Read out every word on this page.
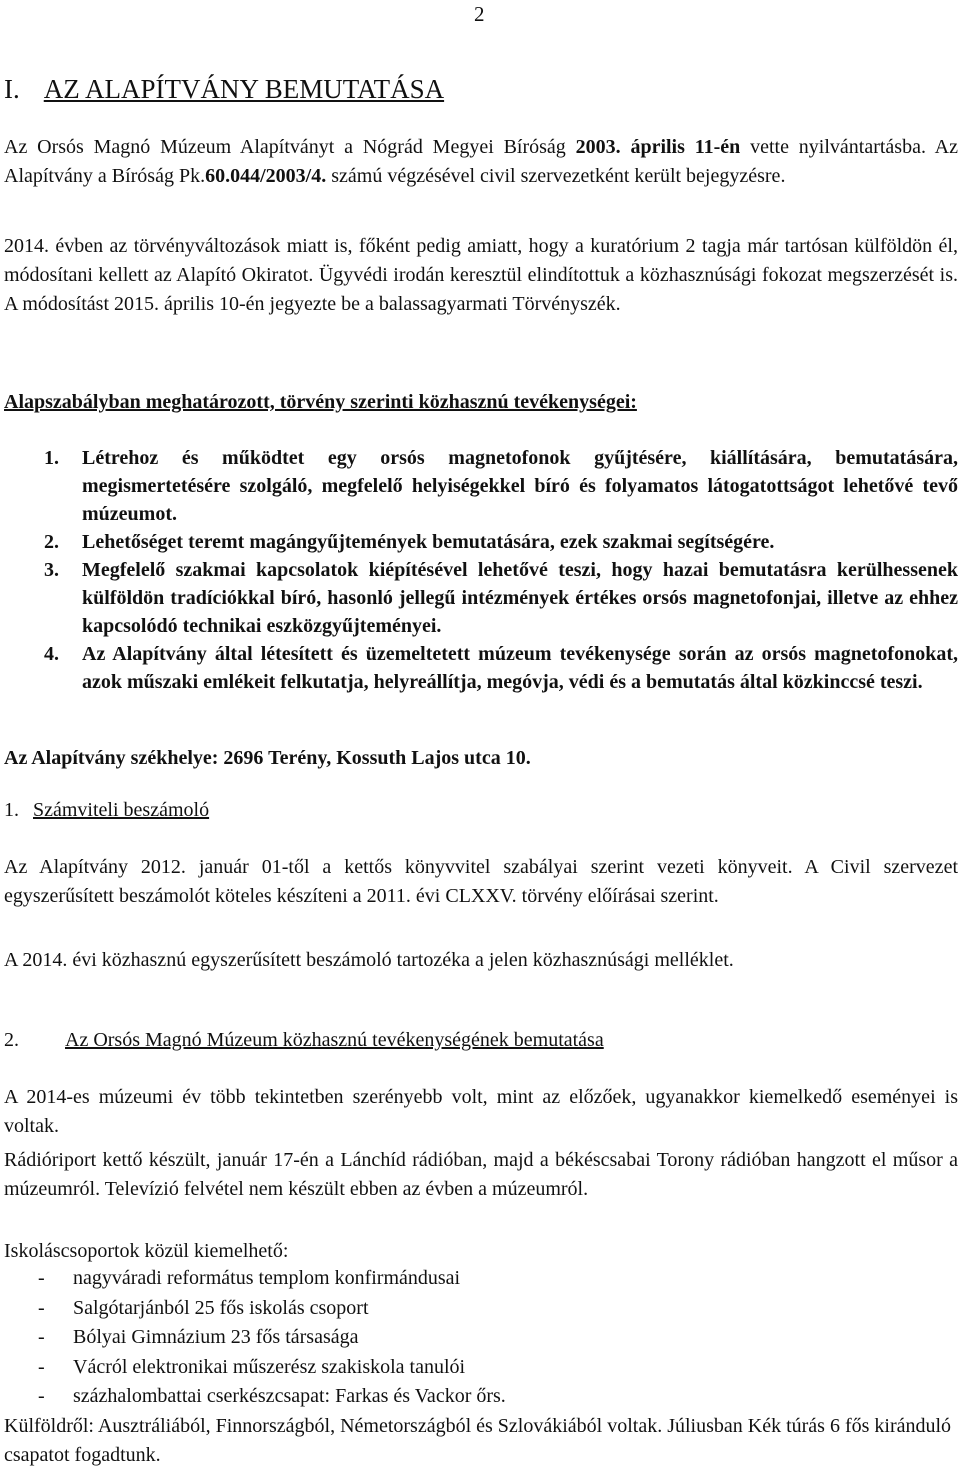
2
I. AZ ALAPÍTVÁNY BEMUTATÁSA

Az Orsós Magnó Múzeum Alapítványt a Nógrád Megyei Bíróság 2003. április 11-én vette nyilvántartásba. Az Alapítvány a Bíróság Pk.60.044/2003/4. számú végzésével civil szervezetként került bejegyzésre.

2014. évben az törvényváltozások miatt is, főként pedig amiatt, hogy a kuratórium 2 tagja már tartósan külföldön él, módosítani kellett az Alapító Okiratot. Ügyvédi irodán keresztül elindítottuk a közhasznúsági fokozat megszerzését is. A módosítást 2015. április 10-én jegyezte be a balassagyarmati Törvényszék.

Alapszabályban meghatározott, törvény szerinti közhasznú tevékenységei:

1. Létrehoz és működtet egy orsós magnetofonok gyűjtésére, kiállítására, bemutatására, megismertetésére szolgáló, megfelelő helyiségekkel bíró és folyamatos látogatottságot lehetővé tevő múzeumot.
2. Lehetőséget teremt magángyűjtemények bemutatására, ezek szakmai segítségére.
3. Megfelelő szakmai kapcsolatok kiépítésével lehetővé teszi, hogy hazai bemutatásra kerülhessenek külföldön tradíciókkal bíró, hasonló jellegű intézmények értékes orsós magnetofonjai, illetve az ehhez kapcsolódó technikai eszközgyűjteményei.
4. Az Alapítvány által létesített és üzemeltetett múzeum tevékenysége során az orsós magnetofonokat, azok műszaki emlékeit felkutatja, helyreállítja, megóvja, védi és a bemutatás által közkinccsé teszi.

Az Alapítvány székhelye: 2696 Terény, Kossuth Lajos utca 10.

1. Számviteli beszámoló

Az Alapítvány 2012. január 01-től a kettős könyvvitel szabályai szerint vezeti könyveit. A Civil szervezet egyszerűsített beszámolót köteles készíteni a 2011. évi CLXXV. törvény előírásai szerint.

A 2014. évi közhasznú egyszerűsített beszámoló tartozéka a jelen közhasznúsági melléklet.

2. Az Orsós Magnó Múzeum közhasznú tevékenységének bemutatása

A 2014-es múzeumi év több tekintetben szerényebb volt, mint az előzőek, ugyanakkor kiemelkedő eseményei is voltak.

Rádióriport kettő készült, január 17-én a Lánchíd rádióban, majd a békéscsabai Torony rádióban hangzott el műsor a múzeumról. Televízió felvétel nem készült ebben az évben a múzeumról.

Iskoláscsoportok közül kiemelhető:

- nagyváradi református templom konfirmándusai
- Salgótarjánból 25 fős iskolás csoport
- Bólyai Gimnázium 23 fős társasága
- Vácról elektronikai műszerész szakiskola tanulói
- százhalombattai cserkészcsapat: Farkas és Vackor őrs.

Külföldről: Ausztráliából, Finnországból, Németországból és Szlovákiából voltak. Júliusban Kék túrás 6 fős kiránduló csapatot fogadtunk.
